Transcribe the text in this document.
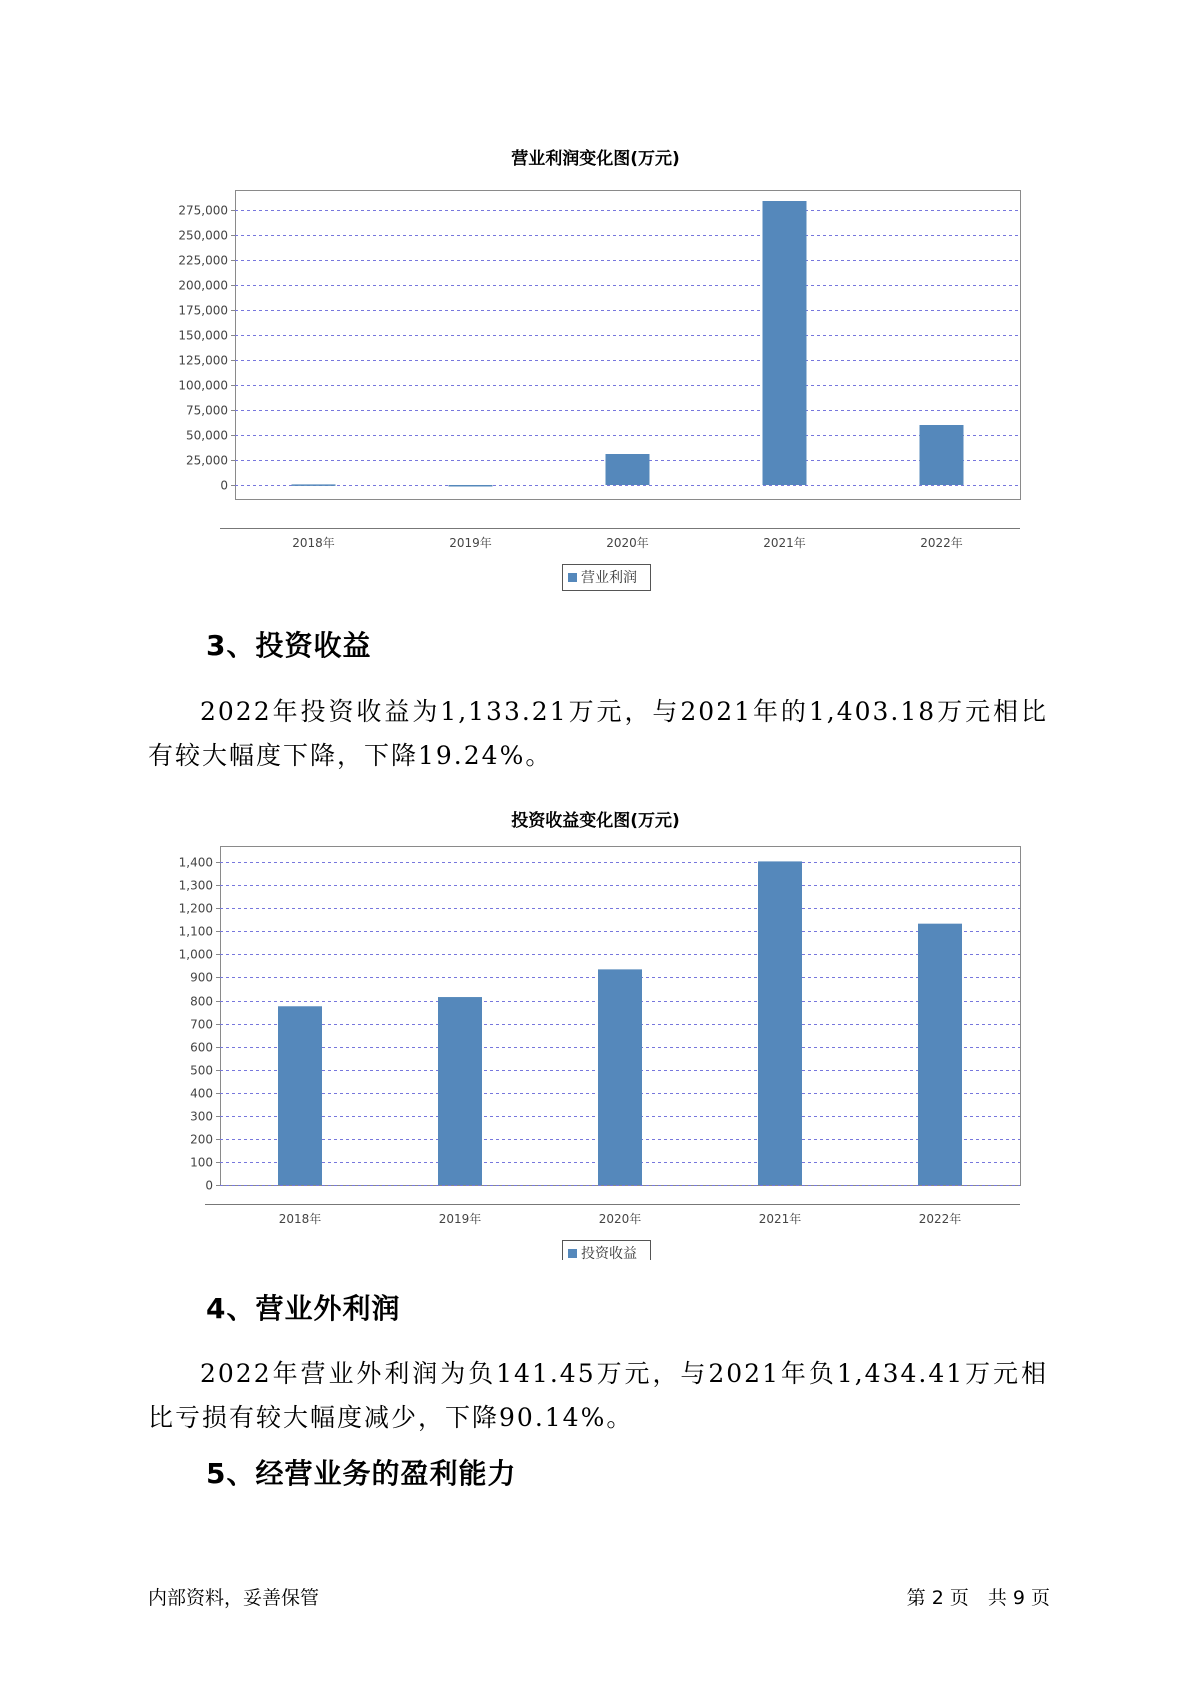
营业利润变化图(万元)
0
25,000
50,000
75,000
100,000
125,000
150,000
175,000
200,000
225,000
250,000
275,000
2018年	2019年	2020年	2021年	2022年
营业利润
3、投资收益
2022年投资收益为1,133.21万元，与2021年的1,403.18万元相比有较大幅度下降，下降19.24%。
投资收益变化图(万元)
0
100
200
300
400
500
600
700
800
900
1,000
1,100
1,200
1,300
1,400
2018年	2019年	2020年	2021年	2022年
投资收益
4、营业外利润
2022年营业外利润为负141.45万元，与2021年负1,434.41万元相比亏损有较大幅度减少，下降90.14%。
5、经营业务的盈利能力
内部资料，妥善保管	第 2 页　共 9 页
